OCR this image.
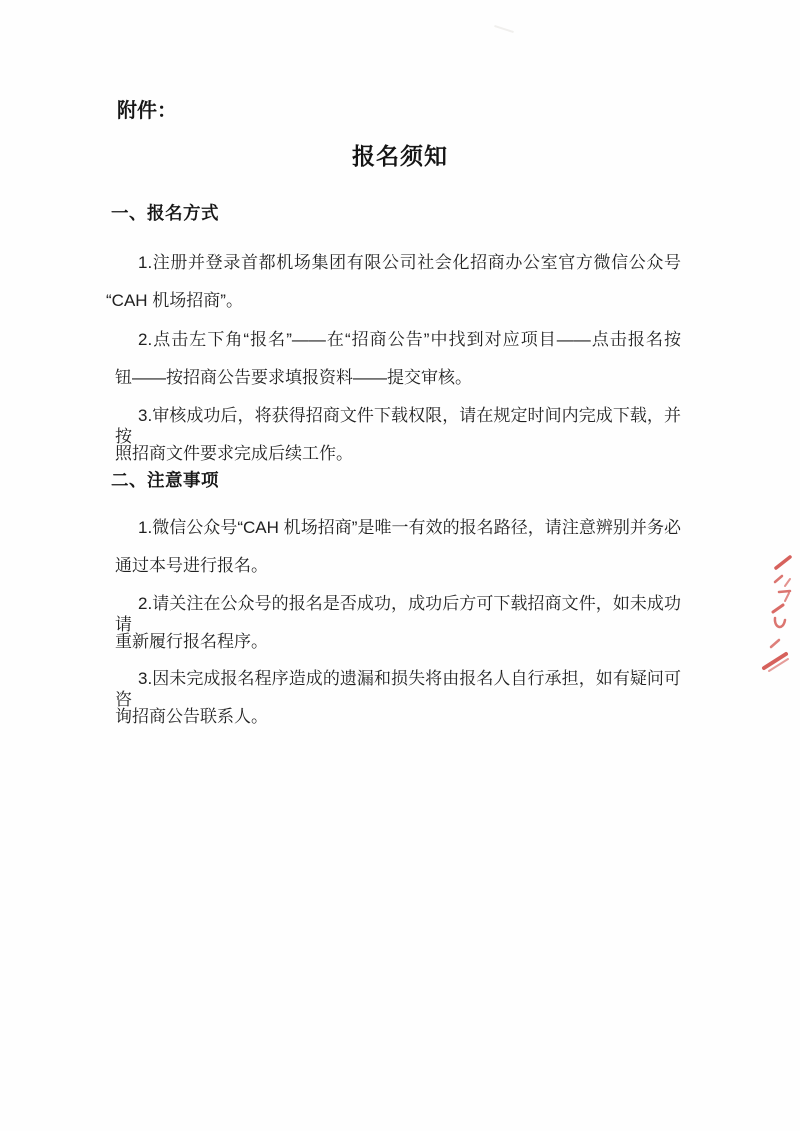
附件：
报名须知
一、报名方式
1.注册并登录首都机场集团有限公司社会化招商办公室官方微信公众号
“CAH 机场招商”。
2.点击左下角“报名”——在“招商公告”中找到对应项目——点击报名按
钮——按招商公告要求填报资料——提交审核。
3.审核成功后，将获得招商文件下载权限，请在规定时间内完成下载，并按
照招商文件要求完成后续工作。
二、注意事项
1.微信公众号“CAH 机场招商”是唯一有效的报名路径，请注意辨别并务必
通过本号进行报名。
2.请关注在公众号的报名是否成功，成功后方可下载招商文件，如未成功请
重新履行报名程序。
3.因未完成报名程序造成的遗漏和损失将由报名人自行承担，如有疑问可咨
询招商公告联系人。
